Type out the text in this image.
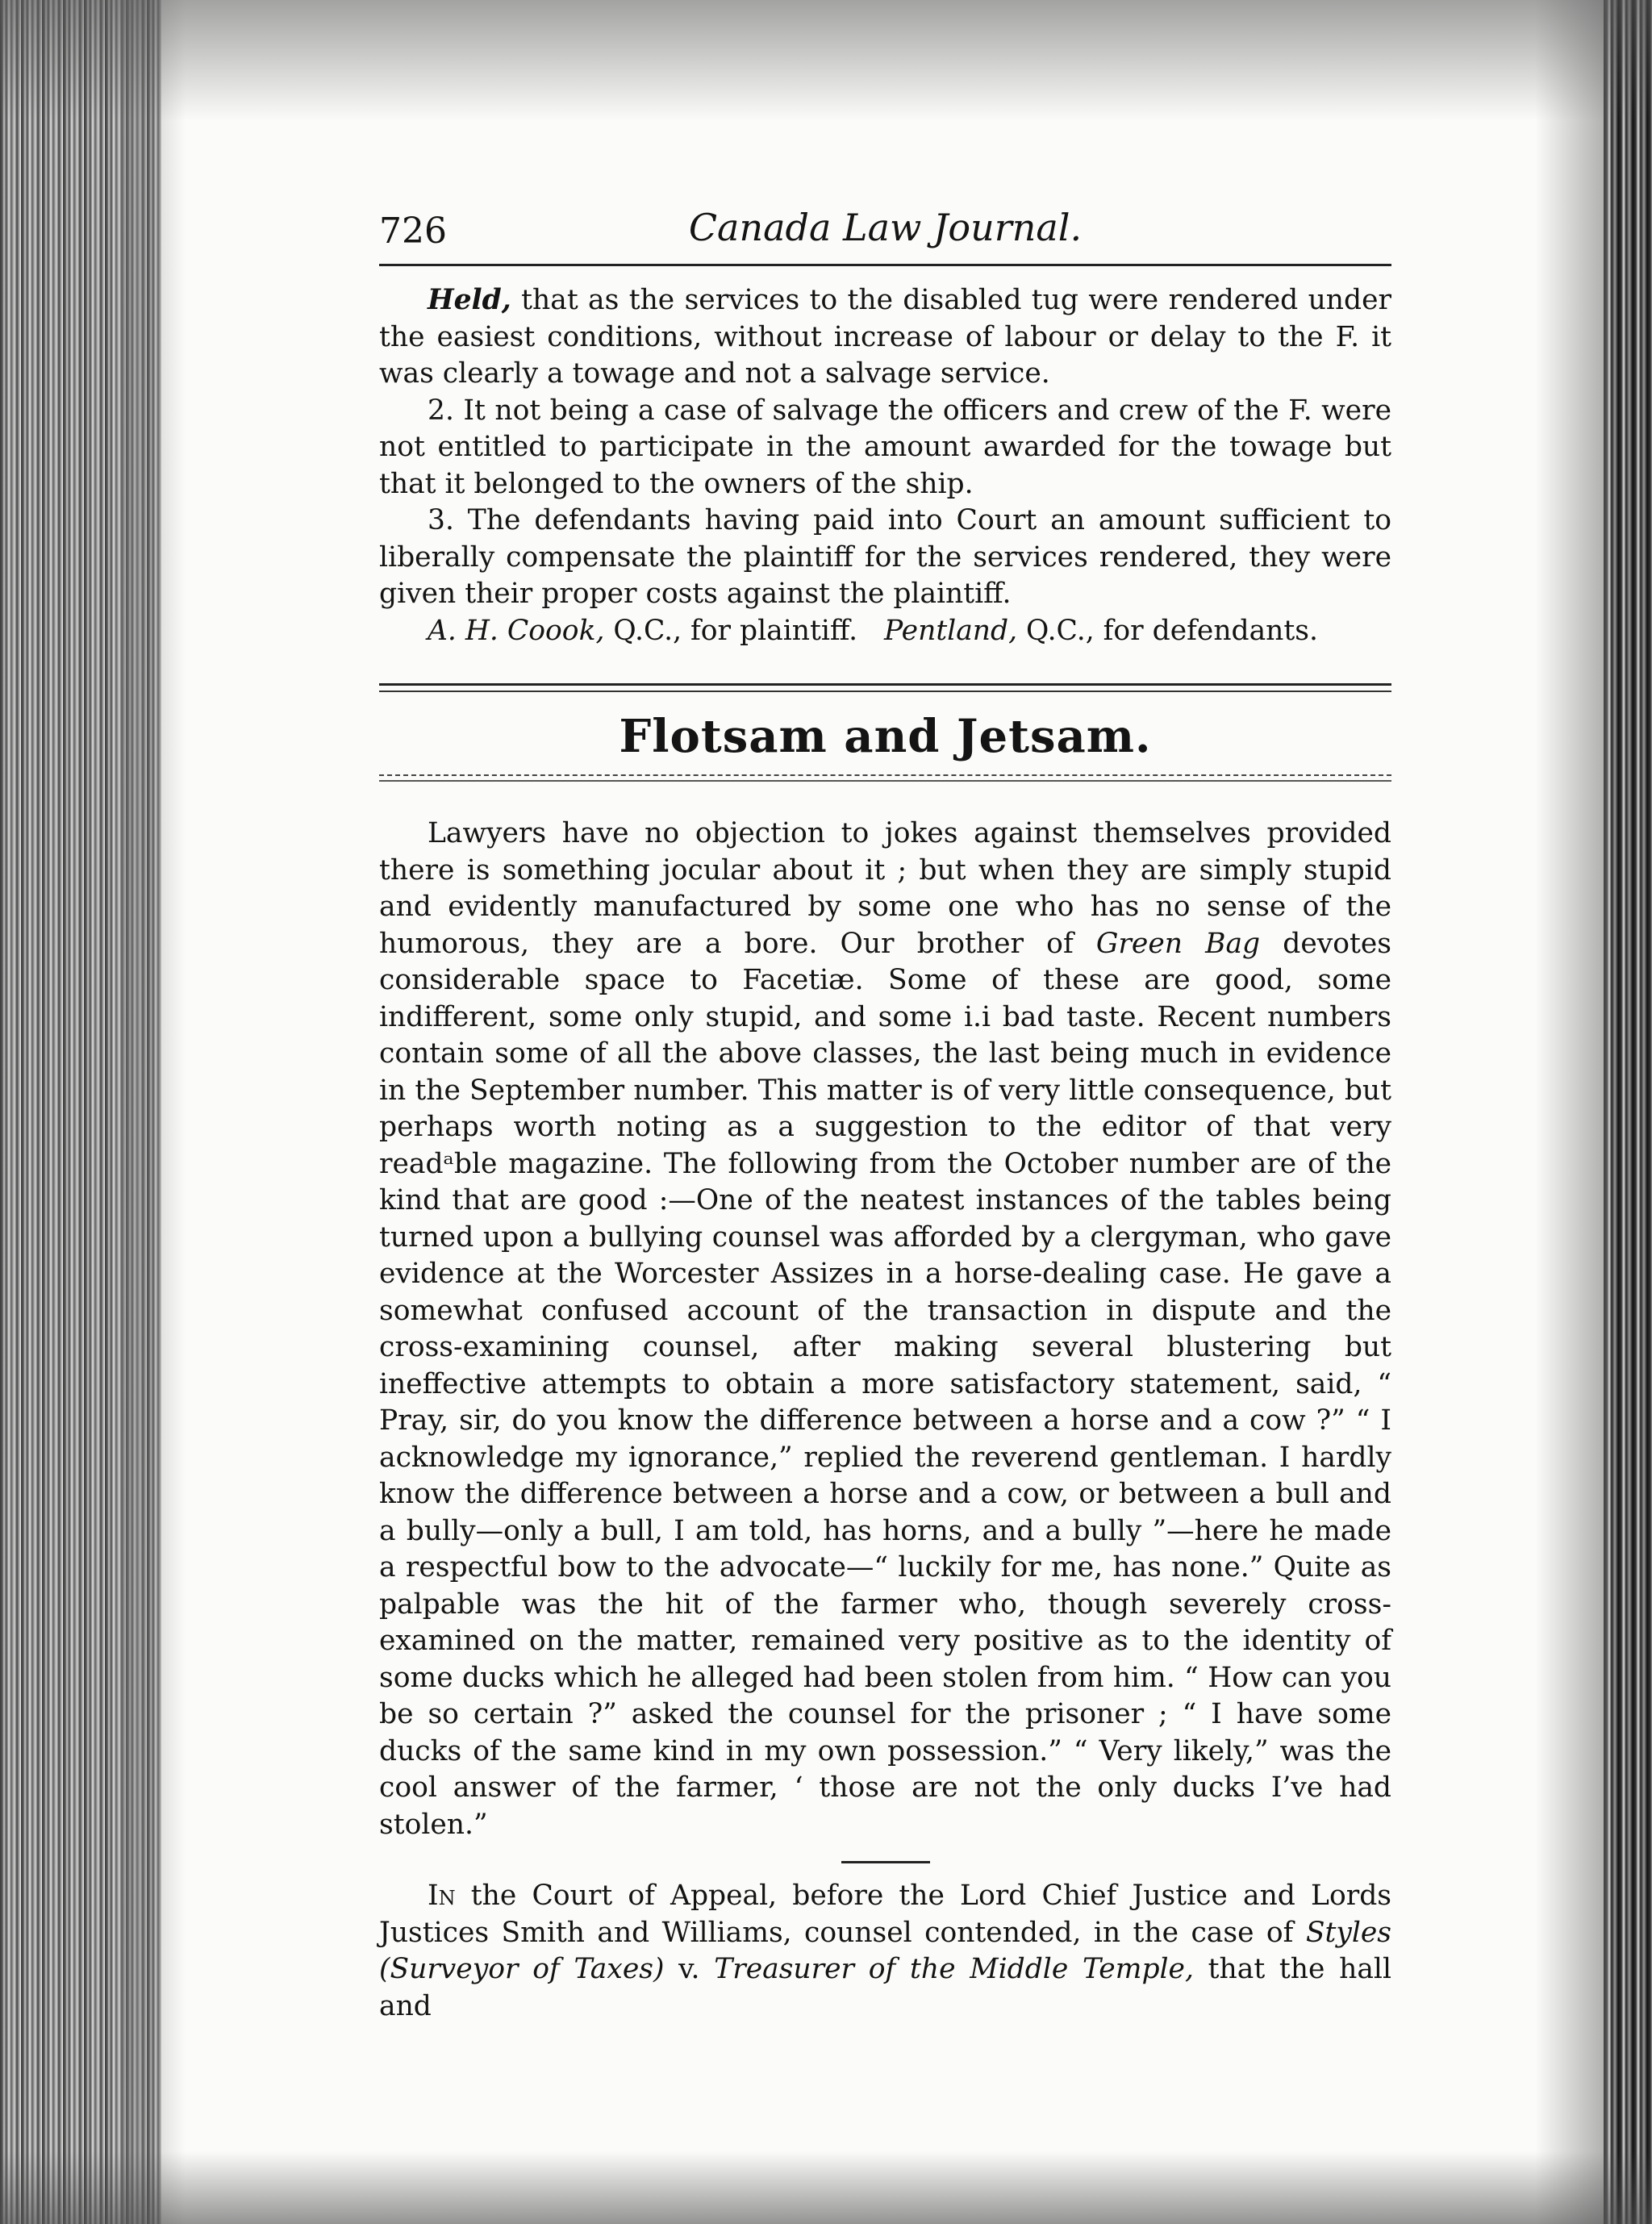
726	Canada Law Journal.

Held, that as the services to the disabled tug were rendered under the easiest conditions, without increase of labour or delay to the F. it was clearly a towage and not a salvage service.

2. It not being a case of salvage the officers and crew of the F. were not entitled to participate in the amount awarded for the towage but that it belonged to the owners of the ship.

3. The defendants having paid into Court an amount sufficient to liberally compensate the plaintiff for the services rendered, they were given their proper costs against the plaintiff.

A. H. Coook, Q.C., for plaintiff. Pentland, Q.C., for defendants.

Flotsam and Jetsam.

Lawyers have no objection to jokes against themselves provided there is something jocular about it ; but when they are simply stupid and evidently manufactured by some one who has no sense of the humorous, they are a bore. Our brother of Green Bag devotes considerable space to Facetiæ. Some of these are good, some indifferent, some only stupid, and some i.i bad taste. Recent numbers contain some of all the above classes, the last being much in evidence in the September number. This matter is of very little consequence, but perhaps worth noting as a suggestion to the editor of that very readᵃble magazine. The following from the October number are of the kind that are good :—One of the neatest instances of the tables being turned upon a bullying counsel was afforded by a clergyman, who gave evidence at the Worcester Assizes in a horse-dealing case. He gave a somewhat confused account of the transaction in dispute and the cross-examining counsel, after making several blustering but ineffective attempts to obtain a more satisfactory statement, said, “ Pray, sir, do you know the difference between a horse and a cow ?” “ I acknowledge my ignorance,” replied the reverend gentleman. I hardly know the difference between a horse and a cow, or between a bull and a bully—only a bull, I am told, has horns, and a bully ”—here he made a respectful bow to the advocate—“ luckily for me, has none.” Quite as palpable was the hit of the farmer who, though severely cross-examined on the matter, remained very positive as to the identity of some ducks which he alleged had been stolen from him. “ How can you be so certain ?” asked the counsel for the prisoner ; “ I have some ducks of the same kind in my own possession.” “ Very likely,” was the cool answer of the farmer, ‘ those are not the only ducks I’ve had stolen.”

In the Court of Appeal, before the Lord Chief Justice and Lords Justices Smith and Williams, counsel contended, in the case of Styles (Surveyor of Taxes) v. Treasurer of the Middle Temple, that the hall and
